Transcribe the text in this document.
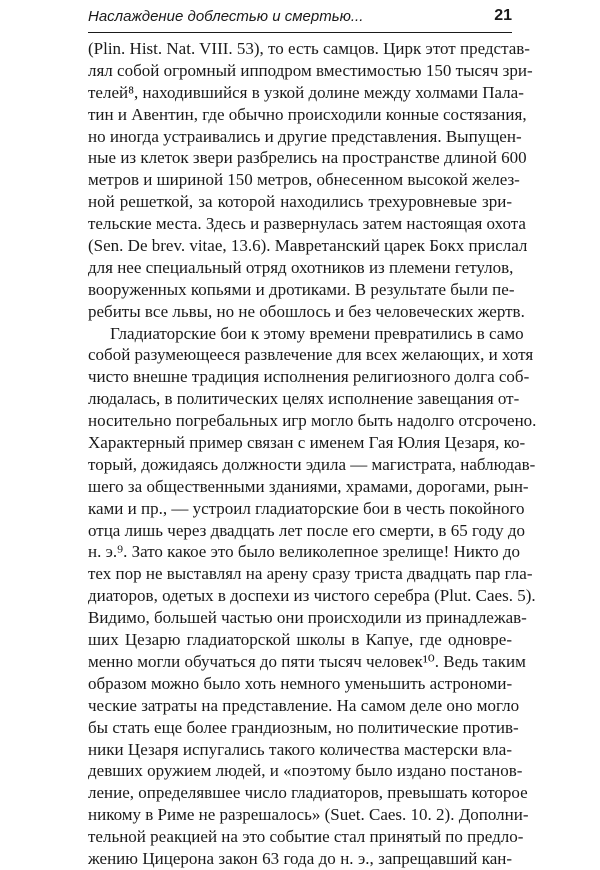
Наслаждение доблестью и смертью...	21
(Plin. Hist. Nat. VIII. 53), то есть самцов. Цирк этот представ-
лял собой огромный ипподром вместимостью 150 тысяч зри-
телей⁸, находившийся в узкой долине между холмами Пала-
тин и Авентин, где обычно происходили конные состязания,
но иногда устраивались и другие представления. Выпущен-
ные из клеток звери разбрелись на пространстве длиной 600
метров и шириной 150 метров, обнесенном высокой желез-
ной решеткой, за которой находились трехуровневые зри-
тельские места. Здесь и развернулась затем настоящая охота
(Sen. De brev. vitae, 13.6). Мавретанский царек Бокх прислал
для нее специальный отряд охотников из племени гетулов,
вооруженных копьями и дротиками. В результате были пе-
ребиты все львы, но не обошлось и без человеческих жертв.
Гладиаторские бои к этому времени превратились в само
собой разумеющееся развлечение для всех желающих, и хотя
чисто внешне традиция исполнения религиозного долга соб-
людалась, в политических целях исполнение завещания от-
носительно погребальных игр могло быть надолго отсрочено.
Характерный пример связан с именем Гая Юлия Цезаря, ко-
торый, дожидаясь должности эдила — магистрата, наблюдав-
шего за общественными зданиями, храмами, дорогами, рын-
ками и пр., — устроил гладиаторские бои в честь покойного
отца лишь через двадцать лет после его смерти, в 65 году до
н. э.⁹. Зато какое это было великолепное зрелище! Никто до
тех пор не выставлял на арену сразу триста двадцать пар гла-
диаторов, одетых в доспехи из чистого серебра (Plut. Caes. 5).
Видимо, большей частью они происходили из принадлежав-
ших Цезарю гладиаторской школы в Капуе, где одновре-
менно могли обучаться до пяти тысяч человек¹⁰. Ведь таким
образом можно было хоть немного уменьшить астрономи-
ческие затраты на представление. На самом деле оно могло
бы стать еще более грандиозным, но политические против-
ники Цезаря испугались такого количества мастерски вла-
девших оружием людей, и «поэтому было издано постанов-
ление, определявшее число гладиаторов, превышать которое
никому в Риме не разрешалось» (Suet. Caes. 10. 2). Дополни-
тельной реакцией на это событие стал принятый по предло-
жению Цицерона закон 63 года до н. э., запрещавший кан-
